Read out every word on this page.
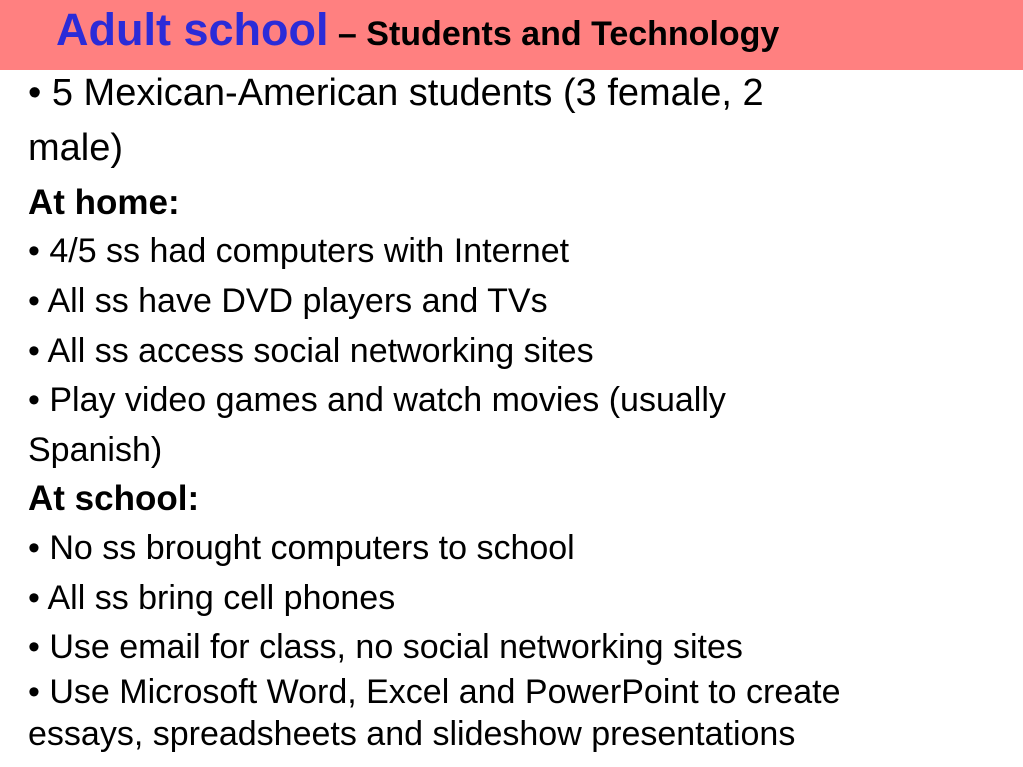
Adult school – Students and Technology
• 5 Mexican-American students (3 female, 2
male)
At home:
• 4/5 ss had computers with Internet
• All ss have DVD players and TVs
• All ss access social networking sites
• Play video games and watch movies (usually
Spanish)
At school:
• No ss brought computers to school
• All ss bring cell phones
• Use email for class, no social networking sites
• Use Microsoft Word, Excel and PowerPoint to create
essays, spreadsheets and slideshow presentations
